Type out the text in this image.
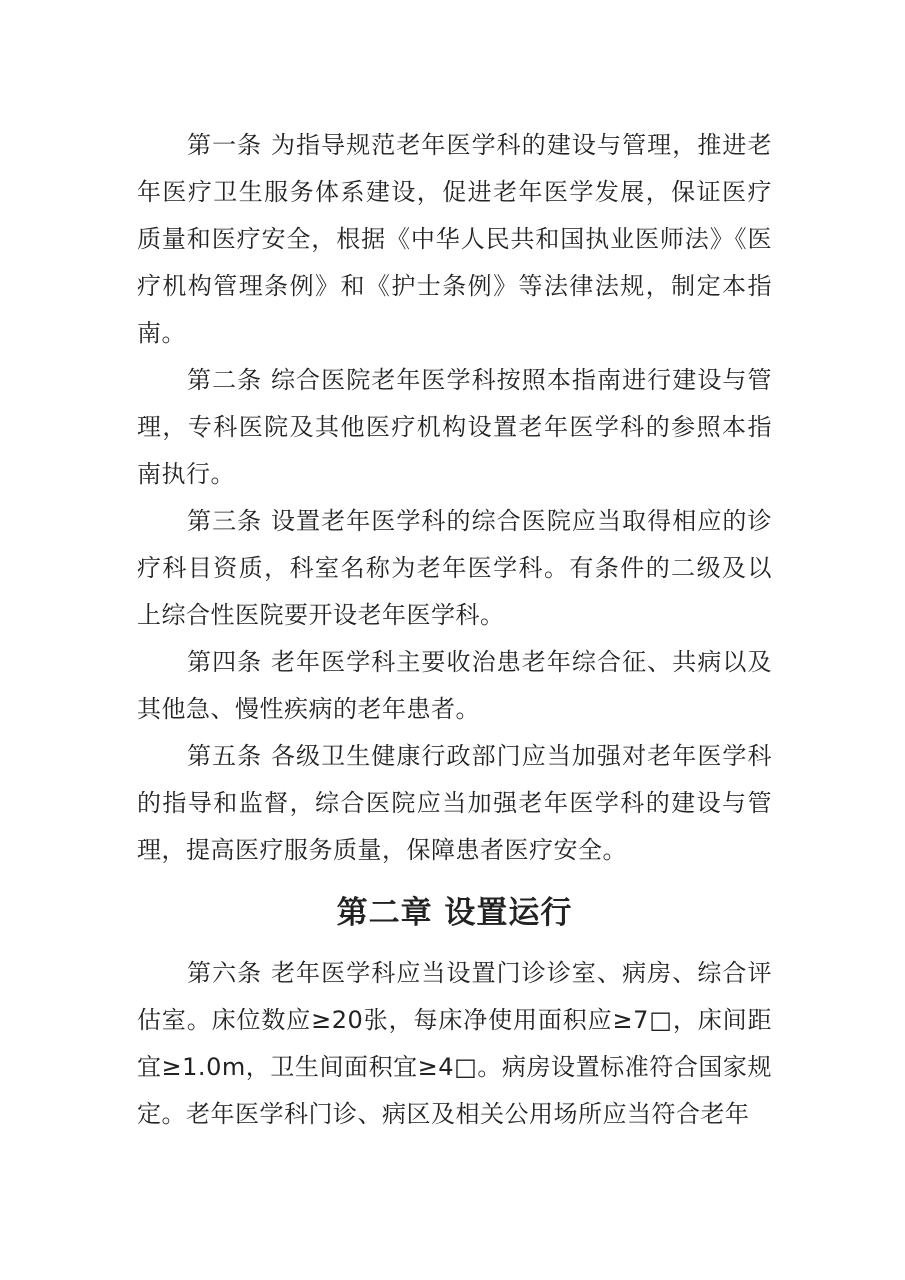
第一条 为指导规范老年医学科的建设与管理，推进老年医疗卫生服务体系建设，促进老年医学发展，保证医疗质量和医疗安全，根据《中华人民共和国执业医师法》《医疗机构管理条例》和《护士条例》等法律法规，制定本指南。

第二条 综合医院老年医学科按照本指南进行建设与管理，专科医院及其他医疗机构设置老年医学科的参照本指南执行。

第三条 设置老年医学科的综合医院应当取得相应的诊疗科目资质，科室名称为老年医学科。有条件的二级及以上综合性医院要开设老年医学科。

第四条 老年医学科主要收治患老年综合征、共病以及其他急、慢性疾病的老年患者。

第五条 各级卫生健康行政部门应当加强对老年医学科的指导和监督，综合医院应当加强老年医学科的建设与管理，提高医疗服务质量，保障患者医疗安全。

第二章 设置运行

第六条 老年医学科应当设置门诊诊室、病房、综合评估室。床位数应≥20张，每床净使用面积应≥7□，床间距宜≥1.0m，卫生间面积宜≥4□。病房设置标准符合国家规定。老年医学科门诊、病区及相关公用场所应当符合老年
